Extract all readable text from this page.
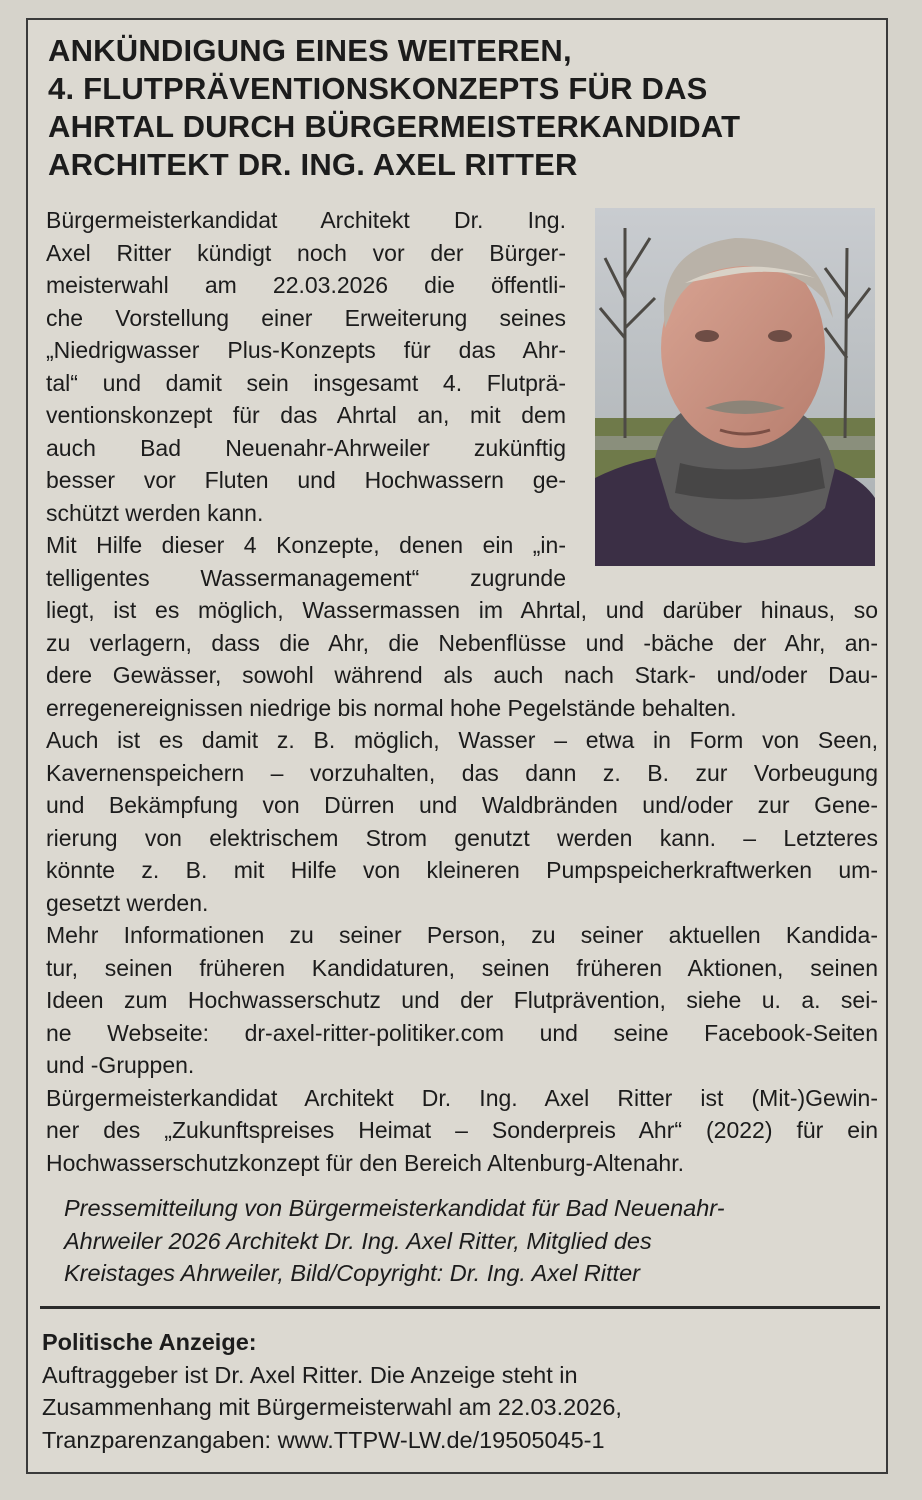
ANKÜNDIGUNG EINES WEITEREN,
4. FLUTPRÄVENTIONSKONZEPTS FÜR DAS
AHRTAL DURCH BÜRGERMEISTERKANDIDAT
ARCHITEKT DR. ING. AXEL RITTER
Bürgermeisterkandidat Architekt Dr. Ing.
Axel Ritter kündigt noch vor der Bürger-
meisterwahl am 22.03.2026 die öffentli-
che Vorstellung einer Erweiterung seines
„Niedrigwasser Plus-Konzepts für das Ahr-
tal“ und damit sein insgesamt 4. Flutprä-
ventionskonzept für das Ahrtal an, mit dem
auch Bad Neuenahr-Ahrweiler zukünftig
besser vor Fluten und Hochwassern ge-
schützt werden kann.
Mit Hilfe dieser 4 Konzepte, denen ein „in-
telligentes Wassermanagement“ zugrunde
liegt, ist es möglich, Wassermassen im Ahrtal, und darüber hinaus, so
zu verlagern, dass die Ahr, die Nebenflüsse und -bäche der Ahr, an-
dere Gewässer, sowohl während als auch nach Stark- und/oder Dau-
erregenereignissen niedrige bis normal hohe Pegelstände behalten.
Auch ist es damit z. B. möglich, Wasser – etwa in Form von Seen,
Kavernenspeichern – vorzuhalten, das dann z. B. zur Vorbeugung
und Bekämpfung von Dürren und Waldbränden und/oder zur Gene-
rierung von elektrischem Strom genutzt werden kann. – Letzteres
könnte z. B. mit Hilfe von kleineren Pumpspeicherkraftwerken um-
gesetzt werden.
Mehr Informationen zu seiner Person, zu seiner aktuellen Kandida-
tur, seinen früheren Kandidaturen, seinen früheren Aktionen, seinen
Ideen zum Hochwasserschutz und der Flutprävention, siehe u. a. sei-
ne Webseite: dr-axel-ritter-politiker.com und seine Facebook-Seiten
und -Gruppen.
Bürgermeisterkandidat Architekt Dr. Ing. Axel Ritter ist (Mit-)Gewin-
ner des „Zukunftspreises Heimat – Sonderpreis Ahr“ (2022) für ein
Hochwasserschutzkonzept für den Bereich Altenburg-Altenahr.
Pressemitteilung von Bürgermeisterkandidat für Bad Neuenahr-
Ahrweiler 2026 Architekt Dr. Ing. Axel Ritter, Mitglied des
Kreistages Ahrweiler, Bild/Copyright: Dr. Ing. Axel Ritter
Politische Anzeige:
Auftraggeber ist Dr. Axel Ritter. Die Anzeige steht in
Zusammenhang mit Bürgermeisterwahl am 22.03.2026,
Tranzparenzangaben: www.TTPW-LW.de/19505045-1
